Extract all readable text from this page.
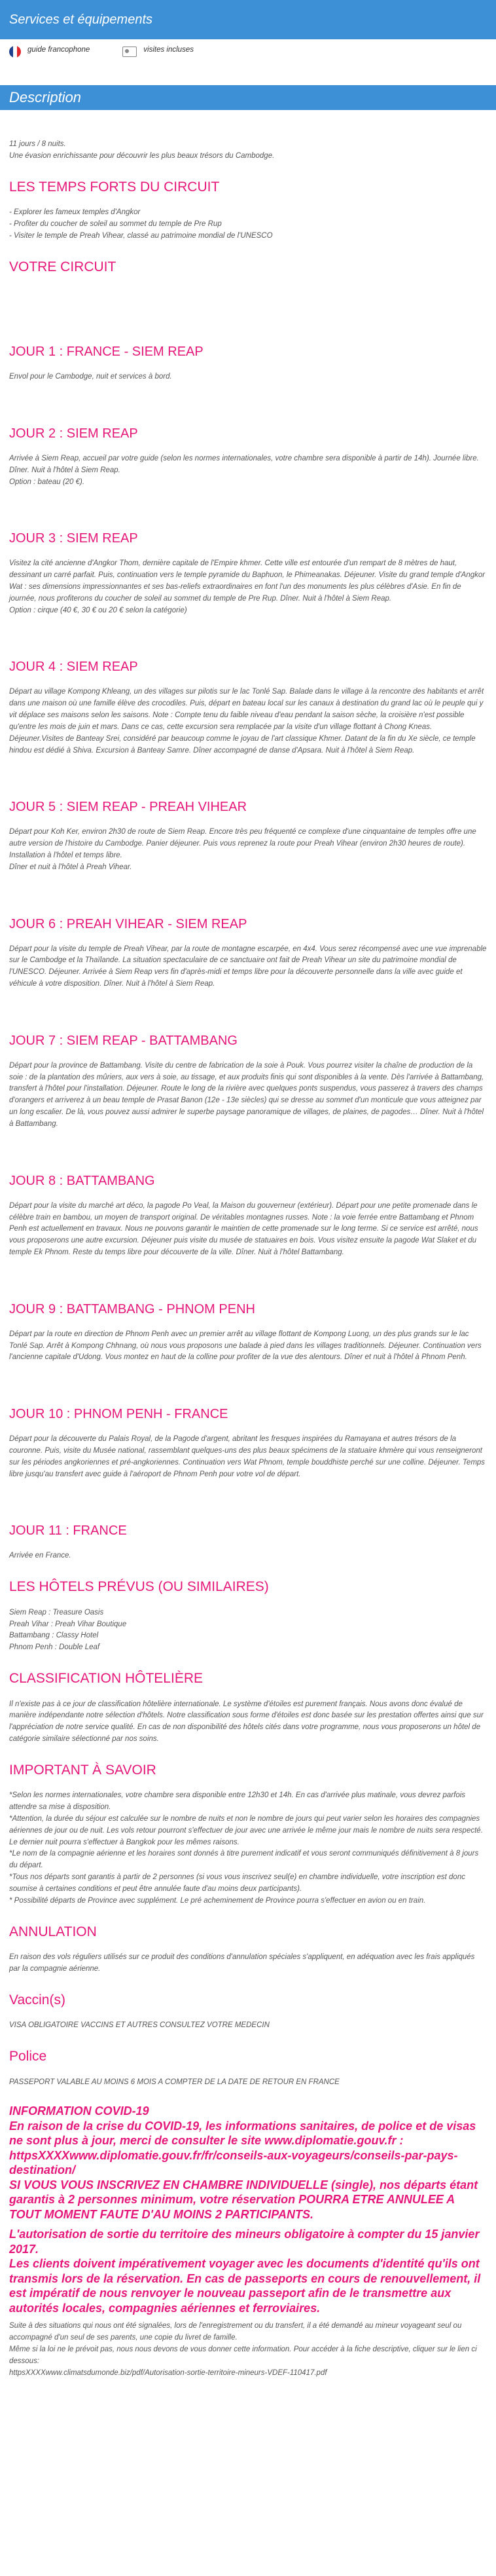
Services et équipements
guide francophone	visites incluses
Description

11 jours / 8 nuits.

Une évasion enrichissante pour découvrir les plus beaux trésors du Cambodge.

LES TEMPS FORTS DU CIRCUIT

- Explorer les fameux temples d'Angkor

- Profiter du coucher de soleil au sommet du temple de Pre Rup

- Visiter le temple de Preah Vihear, classé au patrimoine mondial de l'UNESCO

VOTRE CIRCUIT
JOUR 1 : FRANCE - SIEM REAP

Envol pour le Cambodge, nuit et services à bord.

JOUR 2 : SIEM REAP

Arrivée à Siem Reap, accueil par votre guide (selon les normes internationales, votre chambre sera disponible à partir de 14h). Journée libre. Dîner. Nuit à l'hôtel à Siem Reap.
Option : bateau (20 €).

JOUR 3 : SIEM REAP

Visitez la cité ancienne d'Angkor Thom, dernière capitale de l'Empire khmer. Cette ville est entourée d'un rempart de 8 mètres de haut, dessinant un carré parfait. Puis, continuation vers le temple pyramide du Baphuon, le Phimeanakas. Déjeuner. Visite du grand temple d'Angkor Wat : ses dimensions impressionnantes et ses bas-reliefs extraordinaires en font l'un des monuments les plus célèbres d'Asie. En fin de journée, nous profiterons du coucher de soleil au sommet du temple de Pre Rup. Dîner. Nuit à l'hôtel à Siem Reap.
Option : cirque (40 €, 30 € ou 20 € selon la catégorie)

JOUR 4 : SIEM REAP

Départ au village Kompong Khleang, un des villages sur pilotis sur le lac Tonlé Sap. Balade dans le village à la rencontre des habitants et arrêt dans une maison où une famille élève des crocodiles. Puis, départ en bateau local sur les canaux à destination du grand lac où le peuple qui y vit déplace ses maisons selon les saisons. Note : Compte tenu du faible niveau d'eau pendant la saison sèche, la croisière n'est possible qu'entre les mois de juin et mars. Dans ce cas, cette excursion sera remplacée par la visite d'un village flottant à Chong Kneas. Déjeuner.Visites de Banteay Srei, considéré par beaucoup comme le joyau de l'art classique Khmer. Datant de la fin du Xe siècle, ce temple hindou est dédié à Shiva. Excursion à Banteay Samre. Dîner accompagné de danse d'Apsara. Nuit à l'hôtel à Siem Reap.

JOUR 5 : SIEM REAP - PREAH VIHEAR

Départ pour Koh Ker, environ 2h30 de route de Siem Reap. Encore très peu fréquenté ce complexe d'une cinquantaine de temples offre une autre version de l'histoire du Cambodge. Panier déjeuner. Puis vous reprenez la route pour Preah Vihear (environ 2h30 heures de route). Installation à l'hôtel et temps libre.
Dîner et nuit à l'hôtel à Preah Vihear.

JOUR 6 : PREAH VIHEAR - SIEM REAP

Départ pour la visite du temple de Preah Vihear, par la route de montagne escarpée, en 4x4. Vous serez récompensé avec une vue imprenable sur le Cambodge et la Thaïlande. La situation spectaculaire de ce sanctuaire ont fait de Preah Vihear un site du patrimoine mondial de l'UNESCO. Déjeuner. Arrivée à Siem Reap vers fin d'après-midi et temps libre pour la découverte personnelle dans la ville avec guide et véhicule à votre disposition. Dîner. Nuit à l'hôtel à Siem Reap.

JOUR 7 : SIEM REAP - BATTAMBANG

Départ pour la province de Battambang. Visite du centre de fabrication de la soie à Pouk. Vous pourrez visiter la chaîne de production de la soie : de la plantation des mûriers, aux vers à soie, au tissage, et aux produits finis qui sont disponibles à la vente. Dès l'arrivée à Battambang, transfert à l'hôtel pour l'installation. Déjeuner. Route le long de la rivière avec quelques ponts suspendus, vous passerez à travers des champs d'orangers et arriverez à un beau temple de Prasat Banon (12e - 13e siècles) qui se dresse au sommet d'un monticule que vous atteignez par un long escalier. De là, vous pouvez aussi admirer le superbe paysage panoramique de villages, de plaines, de pagodes… Dîner. Nuit à l'hôtel à Battambang.

JOUR 8 : BATTAMBANG

Départ pour la visite du marché art déco, la pagode Po Veal, la Maison du gouverneur (extérieur). Départ pour une petite promenade dans le célèbre train en bambou, un moyen de transport original. De véritables montagnes russes. Note : la voie ferrée entre Battambang et Phnom Penh est actuellement en travaux. Nous ne pouvons garantir le maintien de cette promenade sur le long terme. Si ce service est arrêté, nous vous proposerons une autre excursion. Déjeuner puis visite du musée de statuaires en bois. Vous visitez ensuite la pagode Wat Slaket et du temple Ek Phnom. Reste du temps libre pour découverte de la ville. Dîner. Nuit à l'hôtel Battambang.

JOUR 9 : BATTAMBANG - PHNOM PENH

Départ par la route en direction de Phnom Penh avec un premier arrêt au village flottant de Kompong Luong, un des plus grands sur le lac Tonlé Sap. Arrêt à Kompong Chhnang, où nous vous proposons une balade à pied dans les villages traditionnels. Déjeuner. Continuation vers l'ancienne capitale d'Udong. Vous montez en haut de la colline pour profiter de la vue des alentours. Dîner et nuit à l'hôtel à Phnom Penh.

JOUR 10 : PHNOM PENH - FRANCE

Départ pour la découverte du Palais Royal, de la Pagode d'argent, abritant les fresques inspirées du Ramayana et autres trésors de la couronne. Puis, visite du Musée national, rassemblant quelques-uns des plus beaux spécimens de la statuaire khmère qui vous renseigneront sur les périodes angkoriennes et pré-angkoriennes. Continuation vers Wat Phnom, temple bouddhiste perché sur une colline. Déjeuner. Temps libre jusqu'au transfert avec guide à l'aéroport de Phnom Penh pour votre vol de départ.

JOUR 11 : FRANCE

Arrivée en France.

LES HÔTELS PRÉVUS (OU SIMILAIRES)

Siem Reap : Treasure Oasis

Preah Vihar : Preah Vihar Boutique

Battambang : Classy Hotel

Phnom Penh : Double Leaf

CLASSIFICATION HÔTELIÈRE

Il n'existe pas à ce jour de classification hôtelière internationale. Le système d'étoiles est purement français. Nous avons donc évalué de manière indépendante notre sélection d'hôtels. Notre classification sous forme d'étoiles est donc basée sur les prestation offertes ainsi que sur l'appréciation de notre service qualité. En cas de non disponibilité des hôtels cités dans votre programme, nous vous proposerons un hôtel de catégorie similaire sélectionné par nos soins.

IMPORTANT À SAVOIR

*Selon les normes internationales, votre chambre sera disponible entre 12h30 et 14h. En cas d'arrivée plus matinale, vous devrez parfois attendre sa mise à disposition.

*Attention, la durée du séjour est calculée sur le nombre de nuits et non le nombre de jours qui peut varier selon les horaires des compagnies aériennes de jour ou de nuit. Les vols retour pourront s'effectuer de jour avec une arrivée le même jour mais le nombre de nuits sera respecté. Le dernier nuit pourra s'effectuer à Bangkok pour les mêmes raisons.

*Le nom de la compagnie aérienne et les horaires sont donnés à titre purement indicatif et vous seront communiqués définitivement à 8 jours du départ.

*Tous nos départs sont garantis à partir de 2 personnes (si vous vous inscrivez seul(e) en chambre individuelle, votre inscription est donc soumise à certaines conditions et peut être annulée faute d'au moins deux participants).

* Possibilité départs de Province avec supplément. Le pré acheminement de Province pourra s'effectuer en avion ou en train.

ANNULATION

En raison des vols réguliers utilisés sur ce produit des conditions d'annulation spéciales s'appliquent, en adéquation avec les frais appliqués par la compagnie aérienne.

Vaccin(s)

VISA OBLIGATOIRE VACCINS ET AUTRES CONSULTEZ VOTRE MEDECIN

Police

PASSEPORT VALABLE AU MOINS 6 MOIS A COMPTER DE LA DATE DE RETOUR EN FRANCE

INFORMATION COVID-19

En raison de la crise du COVID-19, les informations sanitaires, de police et de visas ne sont plus à jour, merci de consulter le site www.diplomatie.gouv.fr : httpsXXXXwww.diplomatie.gouv.fr/fr/conseils-aux-voyageurs/conseils-par-pays-destination/

SI VOUS VOUS INSCRIVEZ EN CHAMBRE INDIVIDUELLE (single), nos départs étant garantis à 2 personnes minimum, votre réservation POURRA ETRE ANNULEE A TOUT MOMENT FAUTE D'AU MOINS 2 PARTICIPANTS.

L'autorisation de sortie du territoire des mineurs obligatoire à compter du 15 janvier 2017.

Les clients doivent impérativement voyager avec les documents d'identité qu'ils ont transmis lors de la réservation. En cas de passeports en cours de renouvellement, il est impératif de nous renvoyer le nouveau passeport afin de le transmettre aux autorités locales, compagnies aériennes et ferroviaires.

Suite à des situations qui nous ont été signalées, lors de l'enregistrement ou du transfert, il a été demandé au mineur voyageant seul ou accompagné d'un seul de ses parents, une copie du livret de famille.

Même si la loi ne le prévoit pas, nous nous devons de vous donner cette information. Pour accéder à la fiche descriptive, cliquer sur le lien ci dessous:

httpsXXXXwww.climatsdumonde.biz/pdf/Autorisation-sortie-territoire-mineurs-VDEF-110417.pdf
